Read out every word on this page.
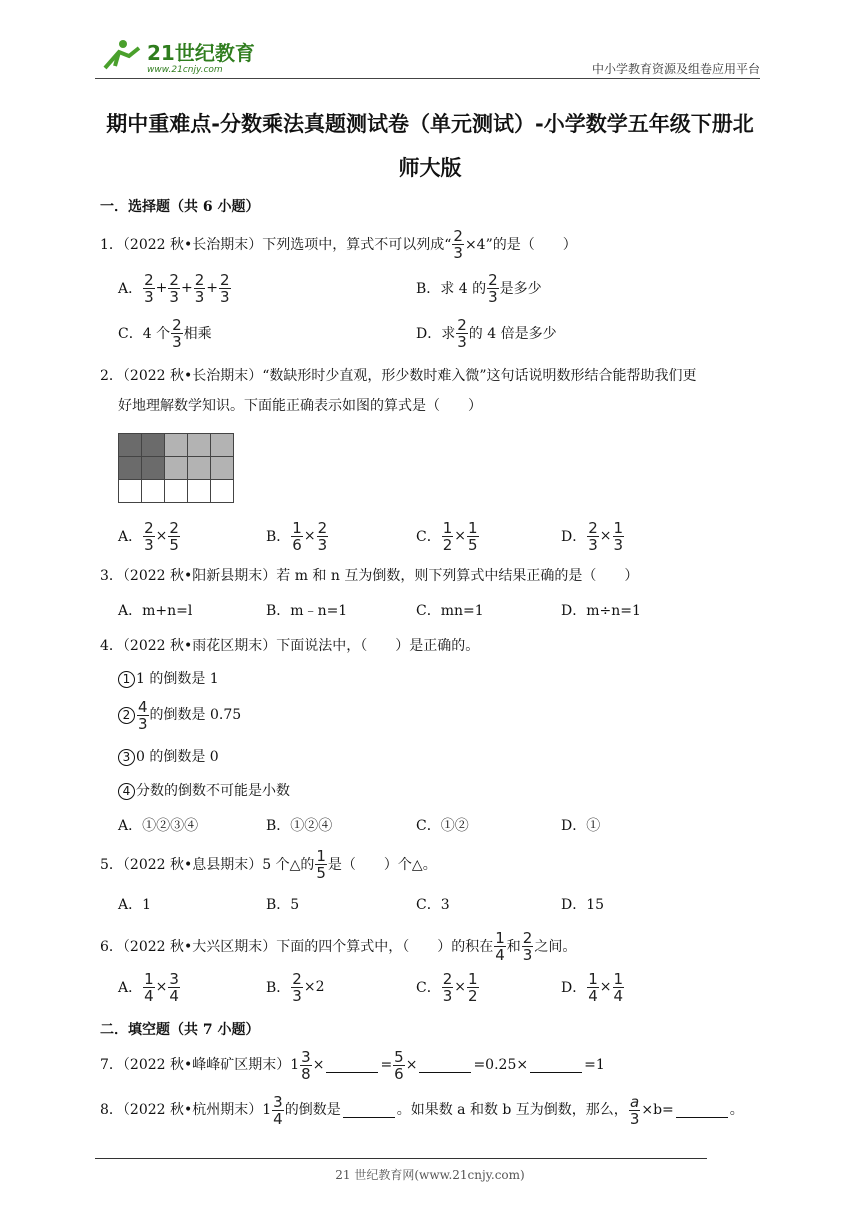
21世纪教育
www.21cnjy.com	中小学教育资源及组卷应用平台
期中重难点-分数乘法真题测试卷（单元测试）-小学数学五年级下册北
师大版
一．选择题（共 6 小题）
1．（2022 秋•长治期末）下列选项中，算式不可以列成“ $\frac{2}{3} \times 4$”的是（　　）
A． $\frac{2}{3} + \frac{2}{3} + \frac{2}{3} + \frac{2}{3}$	B．求 4 的 $\frac{2}{3}$ 是多少
C．4 个 $\frac{2}{3}$ 相乘	D．求 $\frac{2}{3}$ 的 4 倍是多少
2．（2022 秋•长治期末）“数缺形时少直观，形少数时难入微”这句话说明数形结合能帮助我们更
好地理解数学知识。下面能正确表示如图的算式是（　　）

A． $\frac{2}{3} \times \frac{2}{5}$	B． $\frac{1}{6} \times \frac{2}{3}$	C． $\frac{1}{2} \times \frac{1}{5}$	D． $\frac{2}{3} \times \frac{1}{3}$
3．（2022 秋•阳新县期末）若 m 和 n 互为倒数，则下列算式中结果正确的是（　　）
A．m+n=l	B．m﹣n=1	C．mn=1	D．m÷n=1
4．（2022 秋•雨花区期末）下面说法中，（　　）是正确的。
1 1 的倒数是 1
$2 \frac{4}{3}$ 的倒数是 0.75
3 0 的倒数是 0
4 分数的倒数不可能是小数
A．①②③④	B．①②④	C．①②	D．①
5．（2022 秋•息县期末）5 个△的 $\frac{1}{5}$ 是（　　）个△。
A．1	B．5	C．3	D．15
6．（2022 秋•大兴区期末）下面的四个算式中，（　　）的积在 $\frac{1}{4}$ 和 $\frac{2}{3}$ 之间。
A． $\frac{1}{4} \times \frac{3}{4}$	B． $\frac{2}{3} \times 2$	C． $\frac{2}{3} \times \frac{1}{2}$	D． $\frac{1}{4} \times \frac{1}{4}$
二．填空题（共 7 小题）
7．（2022 秋•峰峰矿区期末）$1 \frac{3}{8}$ ×	= $\frac{5}{6}$ ×	=0.25×	=1
8．（2022 秋•杭州期末）$1 \frac{3}{4}$ 的倒数是	。如果数 a 和数 b 互为倒数，那么， $\frac{a}{3} \times b=$	。
21 世纪教育网(www.21cnjy.com)
